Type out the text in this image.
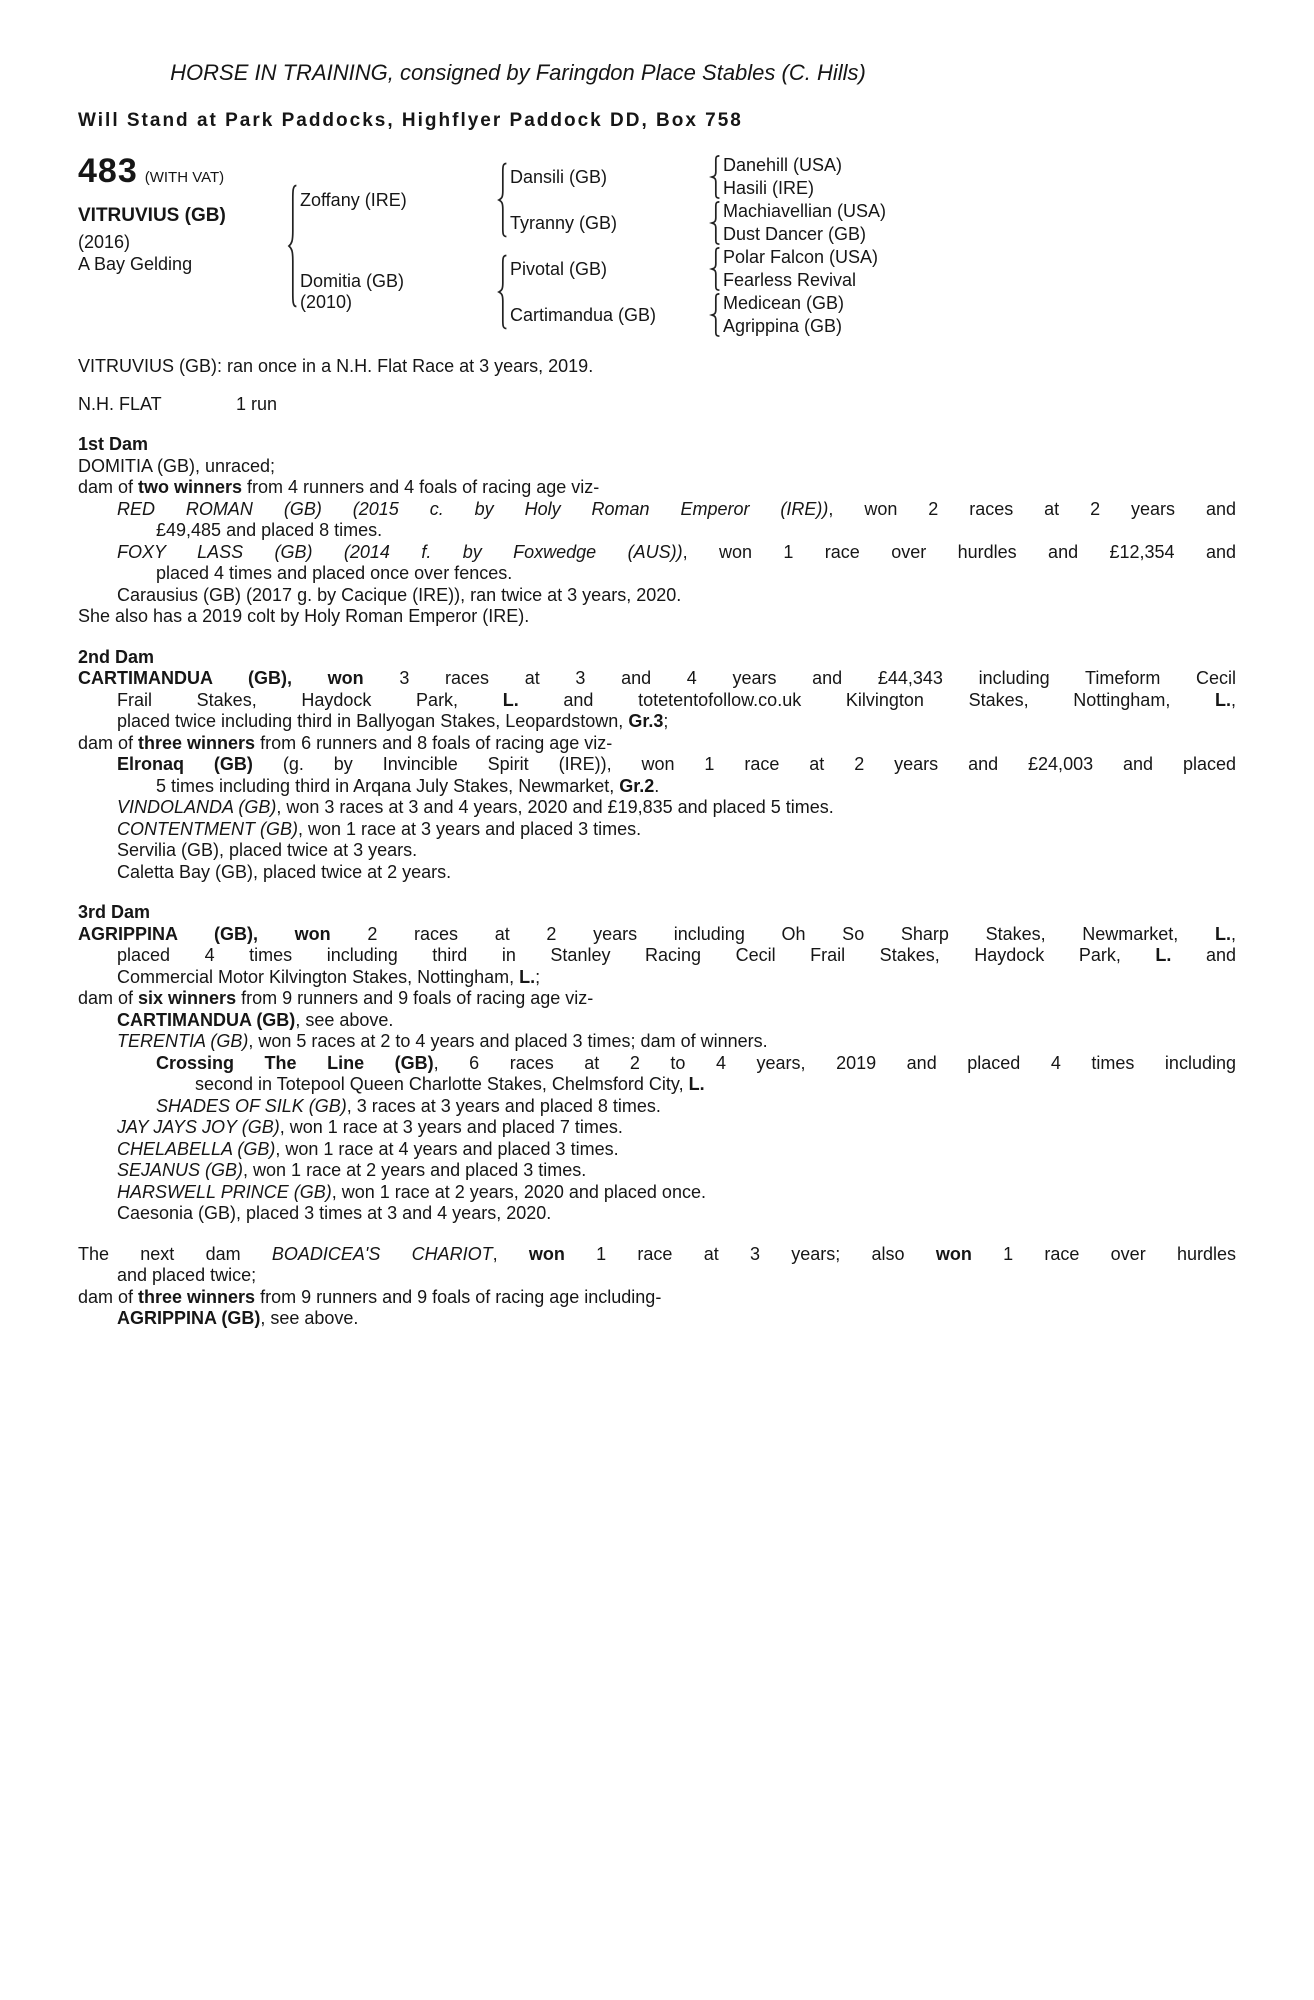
HORSE IN TRAINING, consigned by Faringdon Place Stables (C. Hills)
Will Stand at Park Paddocks, Highflyer Paddock DD, Box 758
483 (WITH VAT)
VITRUVIUS (GB)
(2016)
A Bay Gelding
Zoffany (IRE)
Domitia (GB)
(2010)
Dansili (GB)
Tyranny (GB)
Pivotal (GB)
Cartimandua (GB)
Danehill (USA)
Hasili (IRE)
Machiavellian (USA)
Dust Dancer (GB)
Polar Falcon (USA)
Fearless Revival
Medicean (GB)
Agrippina (GB)
VITRUVIUS (GB): ran once in a N.H. Flat Race at 3 years, 2019.
N.H. FLAT	1 run
1st Dam
DOMITIA (GB), unraced;
dam of two winners from 4 runners and 4 foals of racing age viz-
RED ROMAN (GB) (2015 c. by Holy Roman Emperor (IRE)), won 2 races at 2 years and
£49,485 and placed 8 times.
FOXY LASS (GB) (2014 f. by Foxwedge (AUS)), won 1 race over hurdles and £12,354 and
placed 4 times and placed once over fences.
Carausius (GB) (2017 g. by Cacique (IRE)), ran twice at 3 years, 2020.
She also has a 2019 colt by Holy Roman Emperor (IRE).
2nd Dam
CARTIMANDUA (GB), won 3 races at 3 and 4 years and £44,343 including Timeform Cecil
Frail Stakes, Haydock Park, L. and totetentofollow.co.uk Kilvington Stakes, Nottingham, L.,
placed twice including third in Ballyogan Stakes, Leopardstown, Gr.3;
dam of three winners from 6 runners and 8 foals of racing age viz-
Elronaq (GB) (g. by Invincible Spirit (IRE)), won 1 race at 2 years and £24,003 and placed
5 times including third in Arqana July Stakes, Newmarket, Gr.2.
VINDOLANDA (GB), won 3 races at 3 and 4 years, 2020 and £19,835 and placed 5 times.
CONTENTMENT (GB), won 1 race at 3 years and placed 3 times.
Servilia (GB), placed twice at 3 years.
Caletta Bay (GB), placed twice at 2 years.
3rd Dam
AGRIPPINA (GB), won 2 races at 2 years including Oh So Sharp Stakes, Newmarket, L.,
placed 4 times including third in Stanley Racing Cecil Frail Stakes, Haydock Park, L. and
Commercial Motor Kilvington Stakes, Nottingham, L.;
dam of six winners from 9 runners and 9 foals of racing age viz-
CARTIMANDUA (GB), see above.
TERENTIA (GB), won 5 races at 2 to 4 years and placed 3 times; dam of winners.
Crossing The Line (GB), 6 races at 2 to 4 years, 2019 and placed 4 times including
second in Totepool Queen Charlotte Stakes, Chelmsford City, L.
SHADES OF SILK (GB), 3 races at 3 years and placed 8 times.
JAY JAYS JOY (GB), won 1 race at 3 years and placed 7 times.
CHELABELLA (GB), won 1 race at 4 years and placed 3 times.
SEJANUS (GB), won 1 race at 2 years and placed 3 times.
HARSWELL PRINCE (GB), won 1 race at 2 years, 2020 and placed once.
Caesonia (GB), placed 3 times at 3 and 4 years, 2020.
The next dam BOADICEA'S CHARIOT, won 1 race at 3 years; also won 1 race over hurdles
and placed twice;
dam of three winners from 9 runners and 9 foals of racing age including-
AGRIPPINA (GB), see above.
